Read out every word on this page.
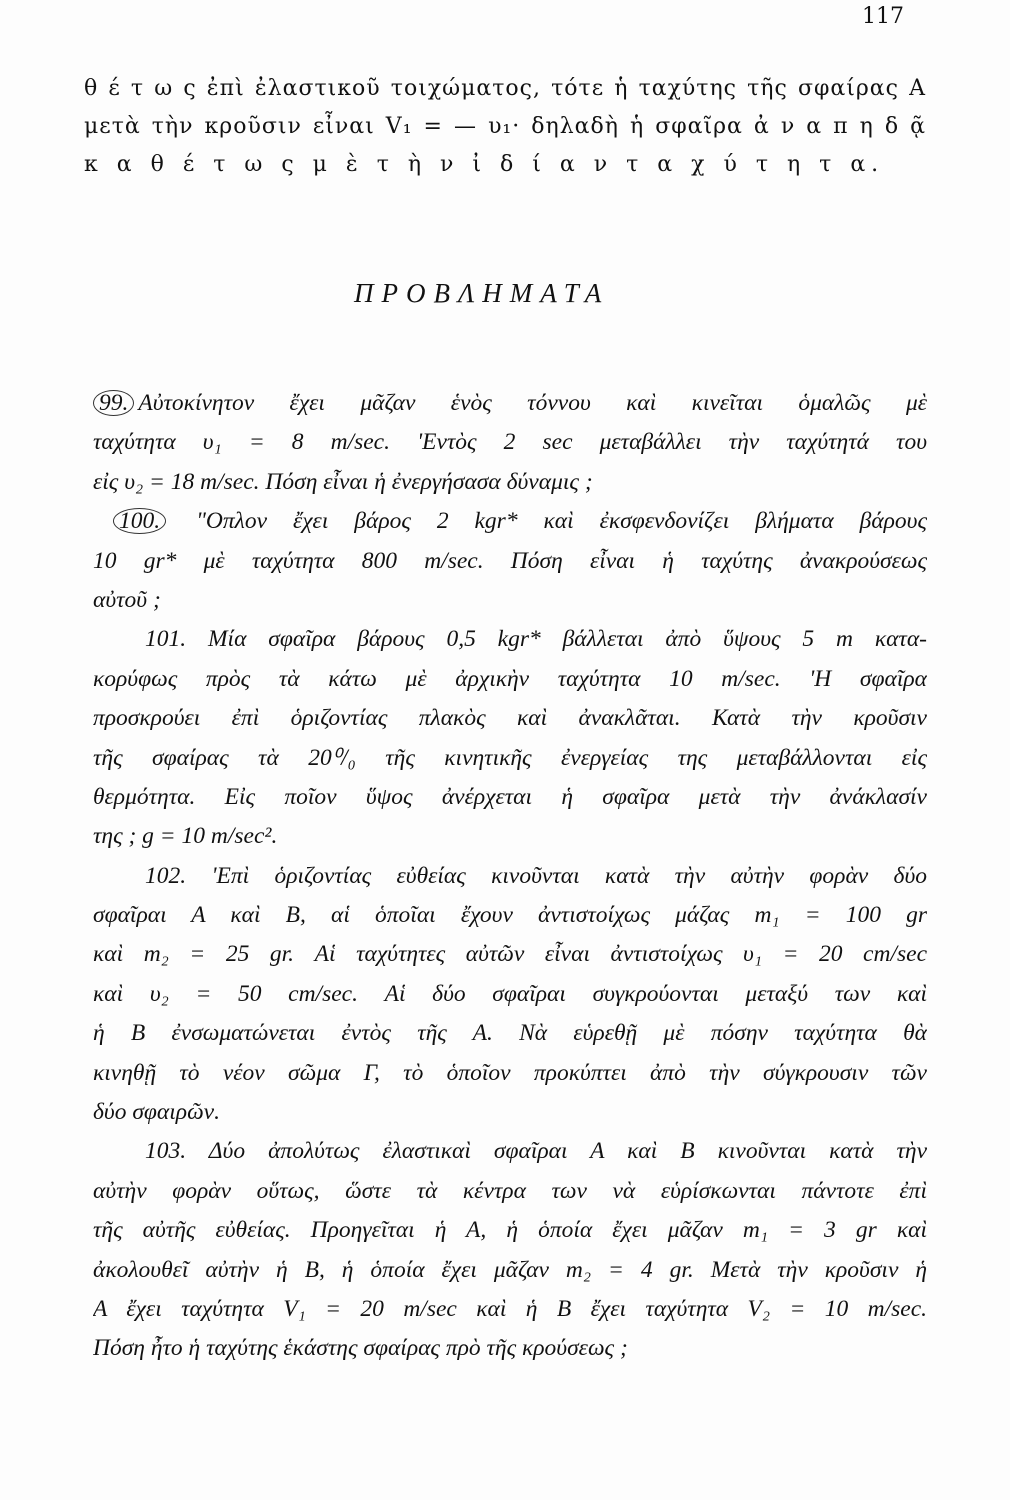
117
θ έ τ ω ς ἐπὶ ἐλαστικοῦ τοιχώματος, τότε ἡ ταχύτης τῆς σφαίρας Α
μετὰ τὴν κροῦσιν εἶναι V₁ = — υ₁· δηλαδὴ ἡ σφαῖρα ἀ ν α π η δ ᾷ
κ α θ έ τ ω ς μ ὲ τ ὴ ν ἰ δ ί α ν τ α χ ύ τ η τ α.
ΠΡΟΒΛΗΜΑΤΑ
99. Αὐτοκίνητον ἔχει μᾶζαν ἑνὸς τόννου καὶ κινεῖται ὁμαλῶς μὲ
ταχύτητα υ₁ = 8 m/sec. 'Εντὸς 2 sec μεταβάλλει τὴν ταχύτητά του
εἰς υ₂ = 18 m/sec. Πόση εἶναι ἡ ἐνεργήσασα δύναμις ;
100. "Οπλον ἔχει βάρος 2 kgr* καὶ ἐκσφενδονίζει βλήματα βάρους
10 gr* μὲ ταχύτητα 800 m/sec. Πόση εἶναι ἡ ταχύτης ἀνακρούσεως
αὐτοῦ ;
101. Μία σφαῖρα βάρους 0,5 kgr* βάλλεται ἀπὸ ὕψους 5 m κατα-
κορύφως πρὸς τὰ κάτω μὲ ἀρχικὴν ταχύτητα 10 m/sec. 'Η σφαῖρα
προσκρούει ἐπὶ ὁριζοντίας πλακὸς καὶ ἀνακλᾶται. Κατὰ τὴν κροῦσιν
τῆς σφαίρας τὰ 20⁰/₀ τῆς κινητικῆς ἐνεργείας της μεταβάλλονται εἰς
θερμότητα. Εἰς ποῖον ὕψος ἀνέρχεται ἡ σφαῖρα μετὰ τὴν ἀνάκλασίν
της ; g = 10 m/sec².
102. 'Επὶ ὁριζοντίας εὐθείας κινοῦνται κατὰ τὴν αὐτὴν φορὰν δύο
σφαῖραι Α καὶ Β, αἱ ὁποῖαι ἔχουν ἀντιστοίχως μάζας m₁ = 100 gr
καὶ m₂ = 25 gr. Αἱ ταχύτητες αὐτῶν εἶναι ἀντιστοίχως υ₁ = 20 cm/sec
καὶ υ₂ = 50 cm/sec. Αἱ δύο σφαῖραι συγκρούονται μεταξύ των καὶ
ἡ Β ἐνσωματώνεται ἐντὸς τῆς Α. Νὰ εὑρεθῇ μὲ πόσην ταχύτητα θὰ
κινηθῇ τὸ νέον σῶμα Γ, τὸ ὁποῖον προκύπτει ἀπὸ τὴν σύγκρουσιν τῶν
δύο σφαιρῶν.
103. Δύο ἀπολύτως ἐλαστικαὶ σφαῖραι Α καὶ Β κινοῦνται κατὰ τὴν
αὐτὴν φορὰν οὕτως, ὥστε τὰ κέντρα των νὰ εὑρίσκωνται πάντοτε ἐπὶ
τῆς αὐτῆς εὐθείας. Προηγεῖται ἡ Α, ἡ ὁποία ἔχει μᾶζαν m₁ = 3 gr καὶ
ἀκολουθεῖ αὐτὴν ἡ Β, ἡ ὁποία ἔχει μᾶζαν m₂ = 4 gr. Μετὰ τὴν κροῦσιν ἡ
Α ἔχει ταχύτητα V₁ = 20 m/sec καὶ ἡ Β ἔχει ταχύτητα V₂ = 10 m/sec.
Πόση ἦτο ἡ ταχύτης ἑκάστης σφαίρας πρὸ τῆς κρούσεως ;
